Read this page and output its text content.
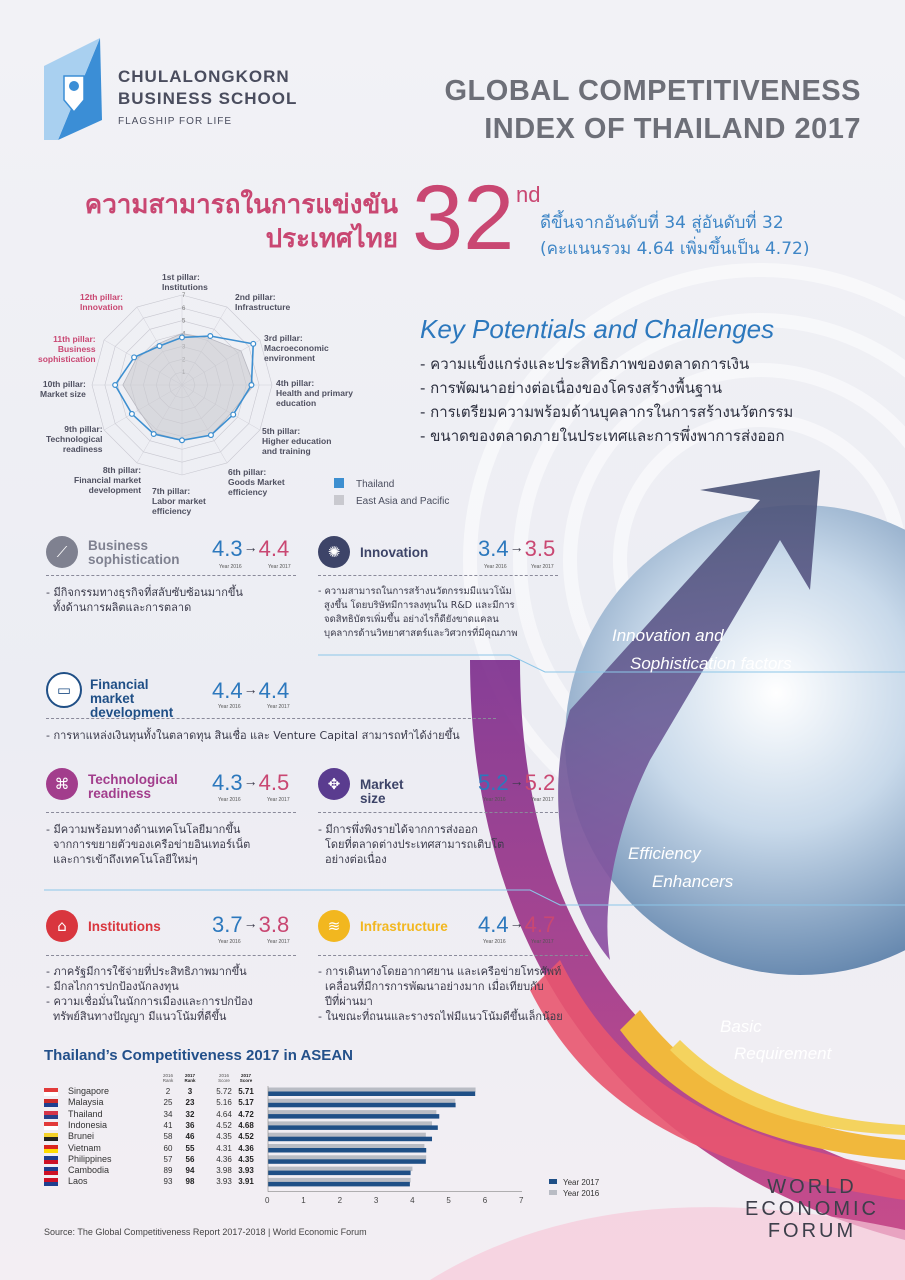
CHULALONGKORN
BUSINESS SCHOOL
FLAGSHIP FOR LIFE
GLOBAL COMPETITIVENESS
INDEX OF THAILAND 2017
ความสามารถในการแข่งขัน
ประเทศไทย 32 nd
ดีขึ้นจากอันดับที่ 34 สู่อันดับที่ 32
(คะแนนรวม 4.64 เพิ่มขึ้นเป็น 4.72)
5
6
7
1st pillar:
Institutions
2nd pillar:
Infrastructure
3rd pillar:
Macroeconomic
environment
4th pillar:
Health and primary
education
5th pillar:
Higher education
and training
6th pillar:
Goods Market
efficiency
7th pillar:
Labor market
efficiency
8th pillar:
Financial market
development
9th pillar:
Technological
readiness
10th pillar:
Market size
11th pillar:
Business
sophistication
12th pillar:
Innovation
Thailand
East Asia and Pacific
Key Potentials and Challenges
- ความแข็งแกร่งและประสิทธิภาพของตลาดการเงิน
- การพัฒนาอย่างต่อเนื่องของโครงสร้างพื้นฐาน
- การเตรียมความพร้อมด้านบุคลากรในการสร้างนวัตกรรม
- ขนาดของตลาดภายในประเทศและการพึ่งพาการส่งออก
Innovation and
Sophistication factors
Efficiency
Enhancers
Basic
Requirement
⟋	Business
sophistication 4.3→4.4
Year 2016	Year 2017
- มีกิจกรรมทางธุรกิจที่สลับซับซ้อนมากขึ้น
ทั้งด้านการผลิตและการตลาด
✺	Innovation 3.4→3.5
Year 2016	Year 2017
- ความสามารถในการสร้างนวัตกรรมมีแนวโน้ม
สูงขึ้น โดยบริษัทมีการลงทุนใน R&D และมีการ
จดสิทธิบัตรเพิ่มขึ้น อย่างไรก็ดียังขาดแคลน
บุคลากรด้านวิทยาศาสตร์และวิศวกรที่มีคุณภาพ
▭	Financial market
development
4.4→4.4
Year 2016	Year 2017
- การหาแหล่งเงินทุนทั้งในตลาดทุน สินเชื่อ และ Venture Capital สามารถทำได้ง่ายขึ้น
⌘	Technological
readiness	4.3→4.5
Year 2016	Year 2017
- มีความพร้อมทางด้านเทคโนโลยีมากขึ้น
จากการขยายตัวของเครือข่ายอินเทอร์เน็ต
และการเข้าถึงเทคโนโลยีใหม่ๆ
✥	Market size
5.2→5.2
Year 2016	Year 2017
- มีการพึ่งพิงรายได้จากการส่งออก
โดยที่ตลาดต่างประเทศสามารถเติบโต
อย่างต่อเนื่อง
⌂	Institutions 3.7→3.8
Year 2016	Year 2017
- ภาครัฐมีการใช้จ่ายที่ประสิทธิภาพมากขึ้น
- มีกลไกการปกป้องนักลงทุน
- ความเชื่อมั่นในนักการเมืองและการปกป้อง
ทรัพย์สินทางปัญญา มีแนวโน้มที่ดีขึ้น
≋	Infrastructure 4.4→4.7
Year 2016	Year 2017
- การเดินทางโดยอากาศยาน และเครือข่ายโทรศัพท์
เคลื่อนที่มีการการพัฒนาอย่างมาก เมื่อเทียบกับ
ปีที่ผ่านมา
- ในขณะที่ถนนและรางรถไฟมีแนวโน้มดีขึ้นเล็กน้อย
Thailand’s Competitiveness 2017 in ASEAN
2016
Rank
2017
Rank
2016
Score
2017
Score
Singapore	2	3	5.72 5.71
Malaysia	25	23	5.16 5.17
Thailand	34	32	4.64 4.72
Indonesia	41	36	4.52 4.68
Brunei	58	46	4.35 4.52
Vietnam	60	55	4.31 4.36
Philippines	57	56	4.36 4.35
Cambodia	89	94	3.98 3.93
Laos	93	98	3.93 3.91
0	1	2	3	4	5	6	7
Year 2017
Year 2016
Source: The Global Competitiveness Report 2017-2018 | World Economic Forum
WORLD
ECONOMIC
FORUM
